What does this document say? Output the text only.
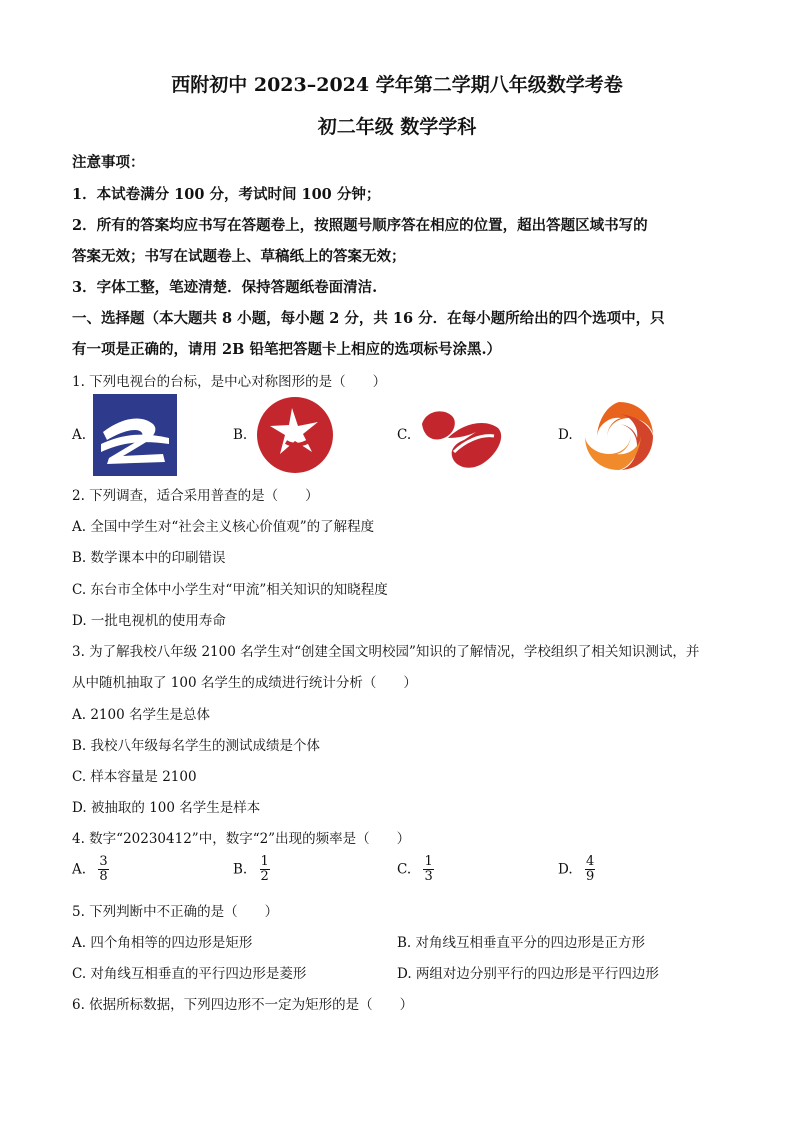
西附初中 2023–2024 学年第二学期八年级数学考卷
初二年级 数学学科
注意事项：
1．本试卷满分 100 分，考试时间 100 分钟；
2．所有的答案均应书写在答题卷上，按照题号顺序答在相应的位置，超出答题区域书写的
答案无效；书写在试题卷上、草稿纸上的答案无效；
3．字体工整，笔迹清楚．保持答题纸卷面清洁.
一、选择题（本大题共 8 小题，每小题 2 分，共 16 分．在每小题所给出的四个选项中，只
有一项是正确的，请用 2B 铅笔把答题卡上相应的选项标号涂黑.）
1. 下列电视台的台标，是中心对称图形的是（　　）
A.	B.	C.	D.
2. 下列调查，适合采用普查的是（　　）
A. 全国中学生对“社会主义核心价值观”的了解程度
B. 数学课本中的印刷错误
C. 东台市全体中小学生对“甲流”相关知识的知晓程度
D. 一批电视机的使用寿命
3. 为了解我校八年级 2100 名学生对“创建全国文明校园”知识的了解情况，学校组织了相关知识测试，并
从中随机抽取了 100 名学生的成绩进行统计分析（　　）
A. 2100 名学生是总体
B. 我校八年级每名学生的测试成绩是个体
C. 样本容量是 2100
D. 被抽取的 100 名学生是样本
4. 数字“20230412”中，数字“2”出现的频率是（　　）
A. $\frac{3}{8}$	B. $\frac{1}{2}$	C. $\frac{1}{3}$	D. $\frac{4}{9}$
5. 下列判断中不正确的是（　　）
A. 四个角相等的四边形是矩形	B. 对角线互相垂直平分的四边形是正方形
C. 对角线互相垂直的平行四边形是菱形	D. 两组对边分别平行的四边形是平行四边形
6. 依据所标数据，下列四边形不一定为矩形的是（　　）
